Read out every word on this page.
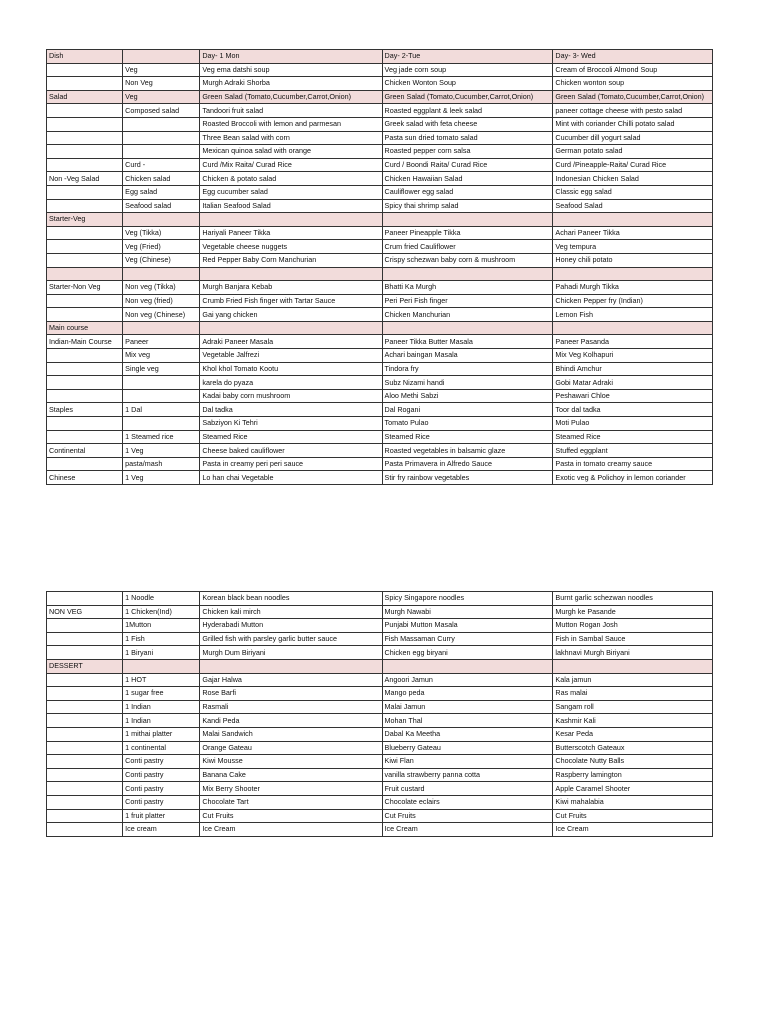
Dish		Day- 1 Mon	Day- 2-Tue	Day- 3- Wed
	Veg	Veg ema datshi soup	Veg jade corn soup	Cream of Broccoli Almond Soup
	Non Veg	Murgh Adraki Shorba	Chicken Wonton Soup	Chicken wonton soup
Salad	Veg	Green Salad (Tomato,Cucumber,Carrot,Onion)	Green Salad (Tomato,Cucumber,Carrot,Onion)	Green Salad (Tomato,Cucumber,Carrot,Onion)
	Composed salad	Tandoori fruit salad	Roasted eggplant & leek salad	paneer cottage cheese with pesto salad
		Roasted Broccoli with lemon and parmesan	Greek salad with feta cheese	Mint with coriander Chilli potato salad
		Three Bean salad with corn	Pasta sun dried tomato salad	Cucumber dill yogurt salad
		Mexican quinoa salad with orange	Roasted pepper corn salsa	German potato salad
	Curd -	Curd /Mix Raita/ Curad Rice	Curd / Boondi Raita/ Curad Rice	Curd /Pineapple-Raita/ Curad Rice
Non -Veg Salad	Chicken salad	Chicken & potato salad	Chicken Hawaiian Salad	Indonesian Chicken Salad
	Egg salad	Egg cucumber salad	Cauliflower egg salad	Classic egg salad
	Seafood salad	Italian Seafood Salad	Spicy thai shrimp salad	Seafood Salad
Starter-Veg				
	Veg (Tikka)	Hariyali Paneer Tikka	Paneer Pineapple Tikka	Achari Paneer Tikka
	Veg (Fried)	Vegetable cheese nuggets	Crum fried Cauliflower	Veg tempura
	Veg (Chinese)	Red Pepper Baby Corn Manchurian	Crispy schezwan baby corn & mushroom	Honey chili potato

Starter-Non Veg	Non veg (Tikka)	Murgh Banjara Kebab	Bhatti Ka Murgh	Pahadi Murgh Tikka
	Non veg (fried)	Crumb Fried Fish finger with Tartar Sauce	Peri Peri Fish finger	Chicken Pepper fry (Indian)
	Non veg (Chinese)	Gai yang chicken	Chicken Manchurian	Lemon Fish
Main course				
Indian-Main Course	Paneer	Adraki Paneer Masala	Paneer Tikka Butter Masala	Paneer Pasanda
	Mix veg	Vegetable Jalfrezi	Achari baingan Masala	Mix Veg Kolhapuri
	Single veg	Khol khol Tomato Kootu	Tindora fry	Bhindi Amchur
		karela do pyaza	Subz Nizami handi	Gobi Matar Adraki
		Kadai baby corn mushroom	Aloo Methi Sabzi	Peshawari Chloe
Staples	1 Dal	Dal tadka	Dal Rogani	Toor dal tadka
		Sabziyon Ki Tehri	Tomato Pulao	Moti Pulao
	1 Steamed rice	Steamed Rice	Steamed Rice	Steamed Rice
Continental	1 Veg	Cheese baked cauliflower	Roasted vegetables in balsamic glaze	Stuffed eggplant
	pasta/mash	Pasta in creamy peri peri sauce	Pasta Primavera in Alfredo Sauce	Pasta in tomato creamy sauce
Chinese	1 Veg	Lo han chai Vegetable	Stir fry rainbow vegetables	Exotic veg & Polichoy in lemon coriander
	1 Noodle	Korean black bean noodles	Spicy Singapore noodles	Burnt garlic schezwan noodles
NON VEG	1 Chicken(Ind)	Chicken kali mirch	Murgh Nawabi	Murgh ke Pasande
	1Mutton	Hyderabadi Mutton	Punjabi Mutton Masala	Mutton Rogan Josh
	1 Fish	Grilled fish with parsley garlic butter sauce	Fish Massaman Curry	Fish in Sambal Sauce
	1 Biryani	Murgh Dum Biriyani	Chicken egg biryani	lakhnavi Murgh Biriyani
DESSERT				
	1 HOT	Gajar Halwa	Angoori Jamun	Kala jamun
	1 sugar free	Rose Barfi	Mango peda	Ras malai
	1 Indian	Rasmali	Malai Jamun	Sangam roll
	1 Indian	Kandi Peda	Mohan Thal	Kashmir Kali
	1 mithai platter	Malai Sandwich	Dabal Ka Meetha	Kesar Peda
	1 continental	Orange Gateau	Blueberry Gateau	Butterscotch Gateaux
	Conti pastry	Kiwi Mousse	Kiwi Flan	Chocolate Nutty Balls
	Conti pastry	Banana Cake	vanilla strawberry panna cotta	Raspberry lamington
	Conti pastry	Mix Berry Shooter	Fruit custard	Apple Caramel Shooter
	Conti pastry	Chocolate Tart	Chocolate eclairs	Kiwi mahalabia
	1 fruit platter	Cut Fruits	Cut Fruits	Cut Fruits
	Ice cream	Ice Cream	Ice Cream	Ice Cream
